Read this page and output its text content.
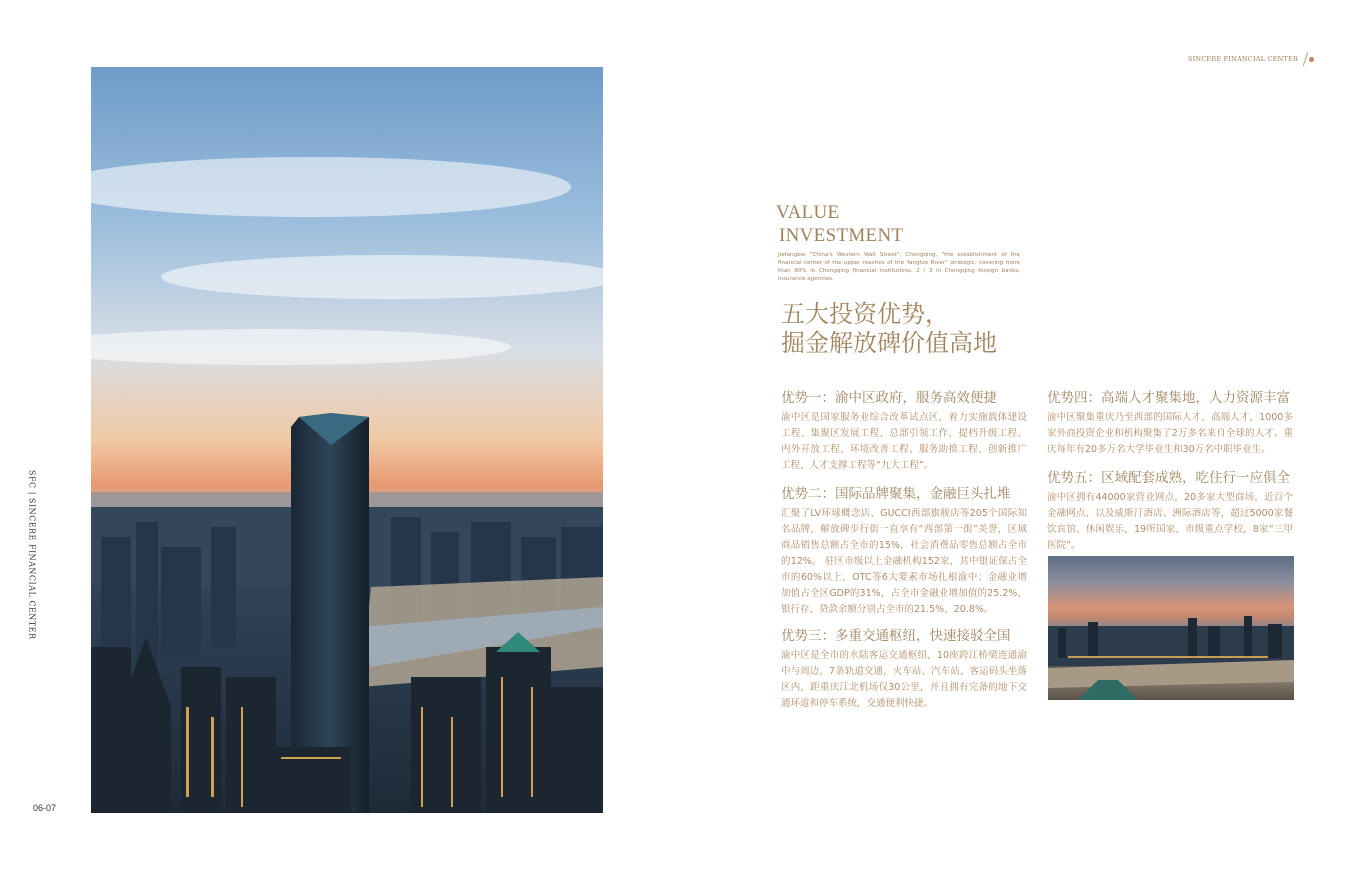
SFC | SINCERE FINANCIAL CENTER
06-07
SINCERE FINANCIAL CENTER
VALUE
INVESTMENT
Jiefangbei "China's Western Wall Street", Chongqing, "the establishment of the financial center of the upper reaches of the Yangtze River" strategic, covering more than 90% in Chongqing financial institutions, 2 / 3 in Chongqing foreign banks, insurance agencies.
五大投资优势，
掘金解放碑价值高地
优势一：渝中区政府，服务高效便捷

渝中区是国家服务业综合改革试点区，着力实施载体建设工程、集聚区发展工程、总部引领工作、提档升级工程、内外开放工程、环境改善工程、服务助推工程、创新推广工程、人才支撑工程等“九大工程”。

优势二：国际品牌聚集，金融巨头扎堆

汇聚了LV环球概念店、GUCCI西部旗舰店等205个国际知名品牌，解放碑步行街一直享有“西部第一街”美誉，区域商品销售总额占全市的15%，社会消费品零售总额占全市的12%。 驻区市级以上金融机构152家，其中银证保占全市的60%以上，OTC等6大要素市场扎根渝中；金融业增加值占全区GDP的31%，占全市金融业增加值的25.2%，银行存、贷款余额分别占全市的21.5%、20.8%。

优势三：多重交通枢纽，快速接驳全国

渝中区是全市的水陆客运交通枢纽，10座跨江桥梁连通渝中与周边，7条轨道交通，火车站、汽车站、客运码头坐落区内，距重庆江北机场仅30公里，并且拥有完备的地下交通环道和停车系统，交通便利快捷。

优势四：高端人才聚集地，人力资源丰富

渝中区聚集重庆乃至西部的国际人才、高端人才，1000多家外商投资企业和机构聚集了2万多名来自全球的人才。重庆每年有20多万名大学毕业生和30万名中职毕业生。

优势五：区域配套成熟，吃住行一应俱全

渝中区拥有44000家营业网点，20多家大型商场，近百个金融网点，以及威斯汀酒店、洲际酒店等，超过5000家餐饮宾馆、休闲娱乐，19所国家、市级重点学校，8家“三甲医院”。
